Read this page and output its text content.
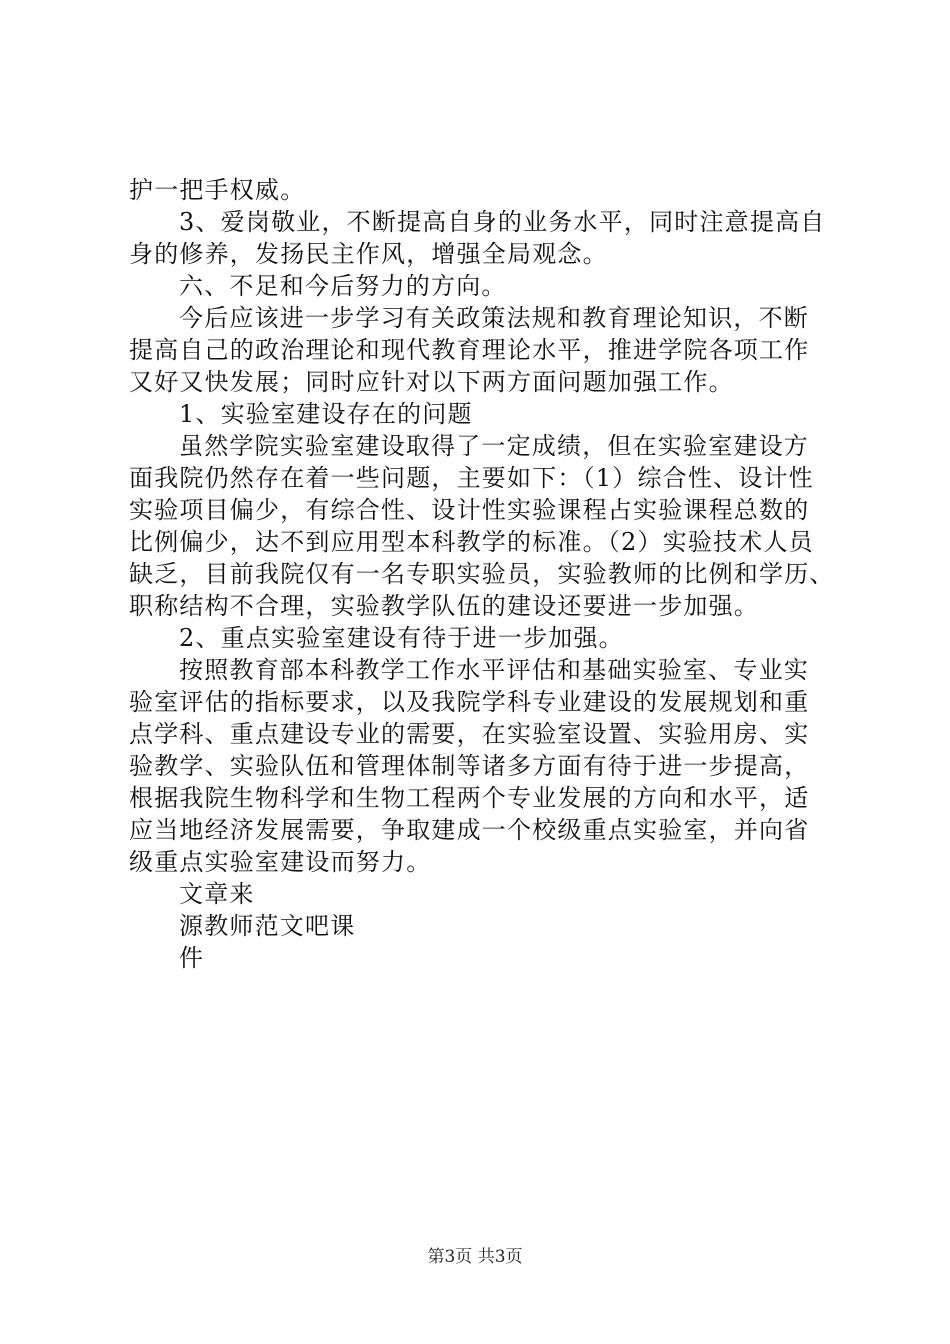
护一把手权威。
3、爱岗敬业，不断提高自身的业务水平，同时注意提高自
身的修养，发扬民主作风，增强全局观念。
六、不足和今后努力的方向。
今后应该进一步学习有关政策法规和教育理论知识，不断
提高自己的政治理论和现代教育理论水平，推进学院各项工作
又好又快发展；同时应针对以下两方面问题加强工作。
1、实验室建设存在的问题
虽然学院实验室建设取得了一定成绩，但在实验室建设方
面我院仍然存在着一些问题，主要如下：（1）综合性、设计性
实验项目偏少，有综合性、设计性实验课程占实验课程总数的
比例偏少，达不到应用型本科教学的标准。（2）实验技术人员
缺乏，目前我院仅有一名专职实验员，实验教师的比例和学历、
职称结构不合理，实验教学队伍的建设还要进一步加强。
2、重点实验室建设有待于进一步加强。
按照教育部本科教学工作水平评估和基础实验室、专业实
验室评估的指标要求，以及我院学科专业建设的发展规划和重
点学科、重点建设专业的需要，在实验室设置、实验用房、实
验教学、实验队伍和管理体制等诸多方面有待于进一步提高，
根据我院生物科学和生物工程两个专业发展的方向和水平，适
应当地经济发展需要，争取建成一个校级重点实验室，并向省
级重点实验室建设而努力。
文章来
源教师范文吧课
件
第3页 共3页
